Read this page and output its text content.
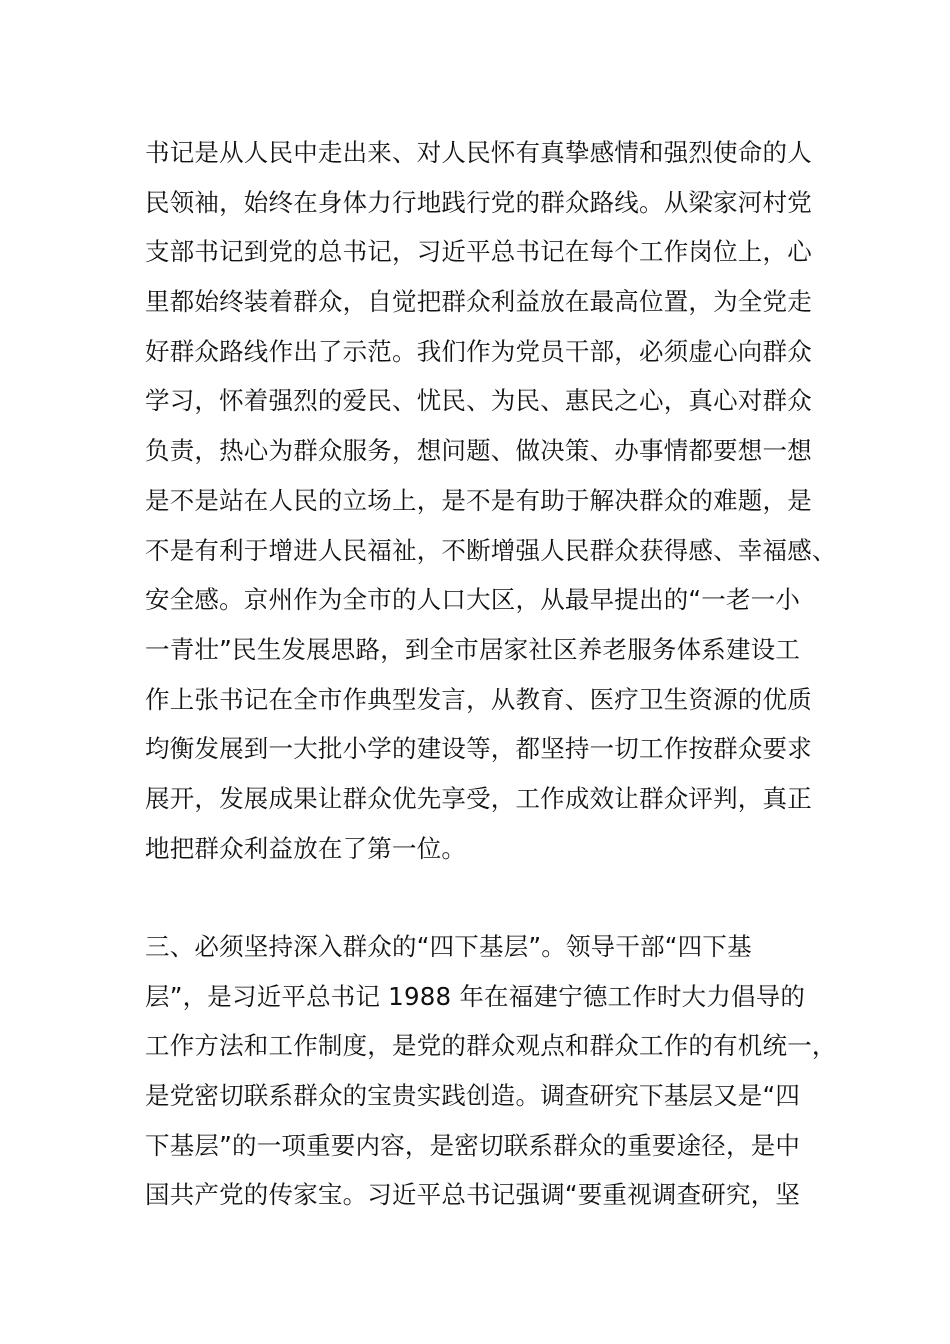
书记是从人民中走出来、对人民怀有真挚感情和强烈使命的人
民领袖，始终在身体力行地践行党的群众路线。从梁家河村党
支部书记到党的总书记，习近平总书记在每个工作岗位上，心
里都始终装着群众，自觉把群众利益放在最高位置，为全党走
好群众路线作出了示范。我们作为党员干部，必须虚心向群众
学习，怀着强烈的爱民、忧民、为民、惠民之心，真心对群众
负责，热心为群众服务，想问题、做决策、办事情都要想一想
是不是站在人民的立场上，是不是有助于解决群众的难题，是
不是有利于增进人民福祉，不断增强人民群众获得感、幸福感、
安全感。京州作为全市的人口大区，从最早提出的“一老一小
一青壮”民生发展思路，到全市居家社区养老服务体系建设工
作上张书记在全市作典型发言，从教育、医疗卫生资源的优质
均衡发展到一大批小学的建设等，都坚持一切工作按群众要求
展开，发展成果让群众优先享受，工作成效让群众评判，真正
地把群众利益放在了第一位。

三、必须坚持深入群众的“四下基层”。领导干部“四下基
层”，是习近平总书记 1988 年在福建宁德工作时大力倡导的
工作方法和工作制度，是党的群众观点和群众工作的有机统一，
是党密切联系群众的宝贵实践创造。调查研究下基层又是“四
下基层”的一项重要内容，是密切联系群众的重要途径，是中
国共产党的传家宝。习近平总书记强调“要重视调查研究，坚
